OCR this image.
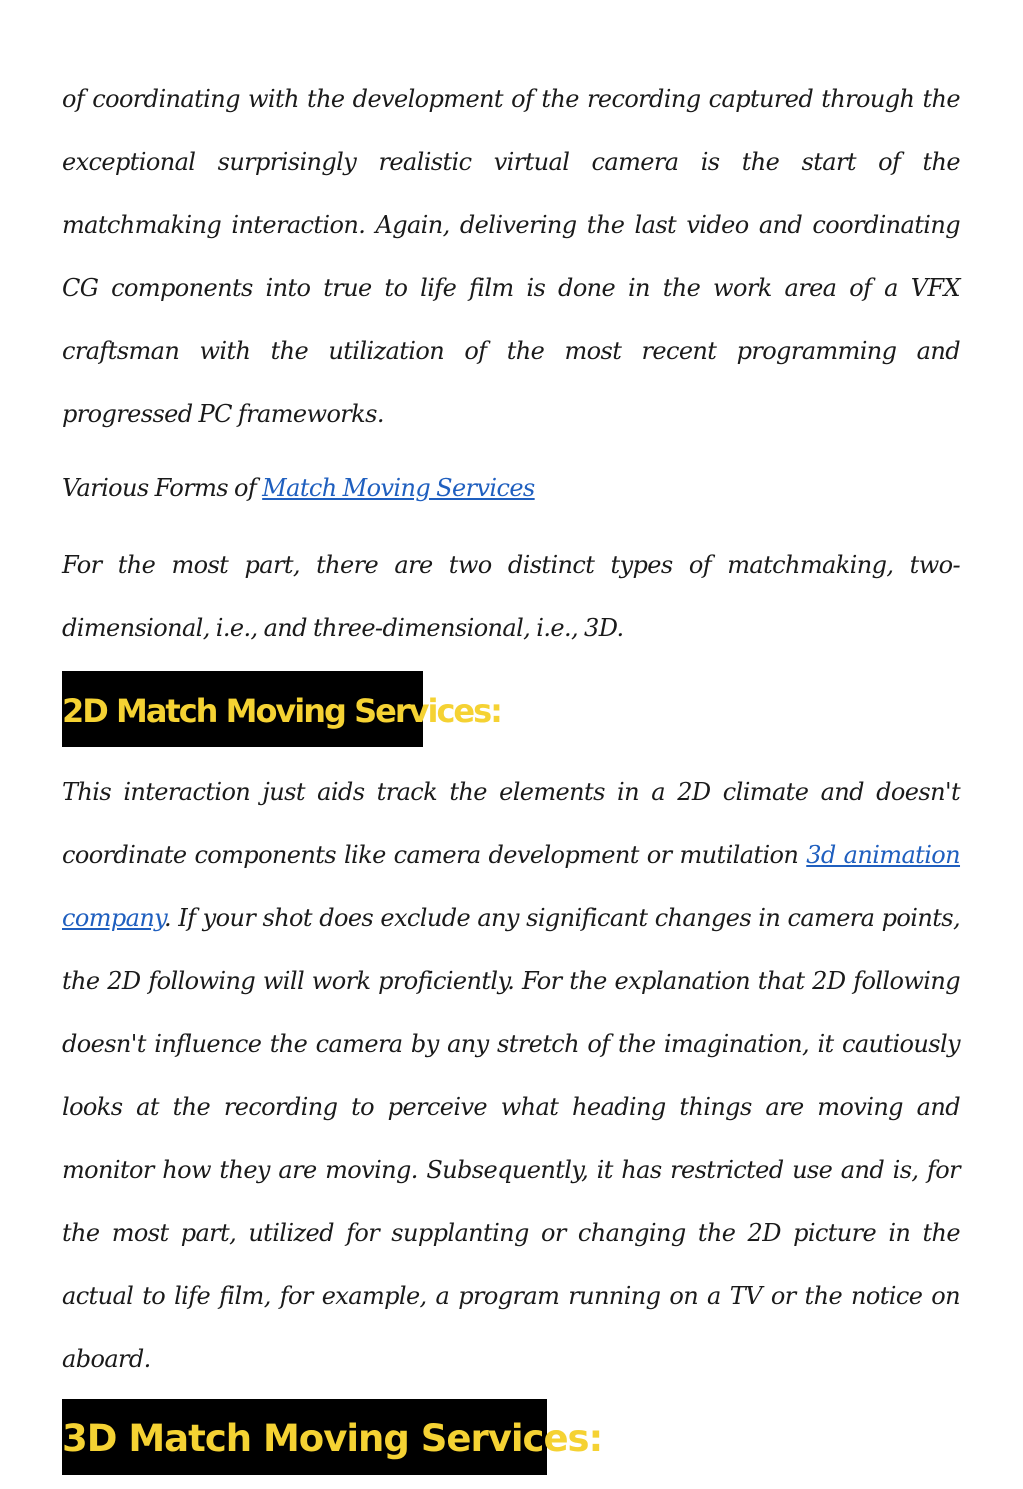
of coordinating with the development of the recording captured through the exceptional surprisingly realistic virtual camera is the start of the matchmaking interaction. Again, delivering the last video and coordinating CG components into true to life film is done in the work area of a VFX craftsman with the utilization of the most recent programming and progressed PC frameworks.

Various Forms of Match Moving Services

For the most part, there are two distinct types of matchmaking, two-dimensional, i.e., and three-dimensional, i.e., 3D.

2D Match Moving Services:

This interaction just aids track the elements in a 2D climate and doesn't coordinate components like camera development or mutilation 3d animation company. If your shot does exclude any significant changes in camera points, the 2D following will work proficiently. For the explanation that 2D following doesn't influence the camera by any stretch of the imagination, it cautiously looks at the recording to perceive what heading things are moving and monitor how they are moving. Subsequently, it has restricted use and is, for the most part, utilized for supplanting or changing the 2D picture in the actual to life film, for example, a program running on a TV or the notice on aboard.

3D Match Moving Services:
